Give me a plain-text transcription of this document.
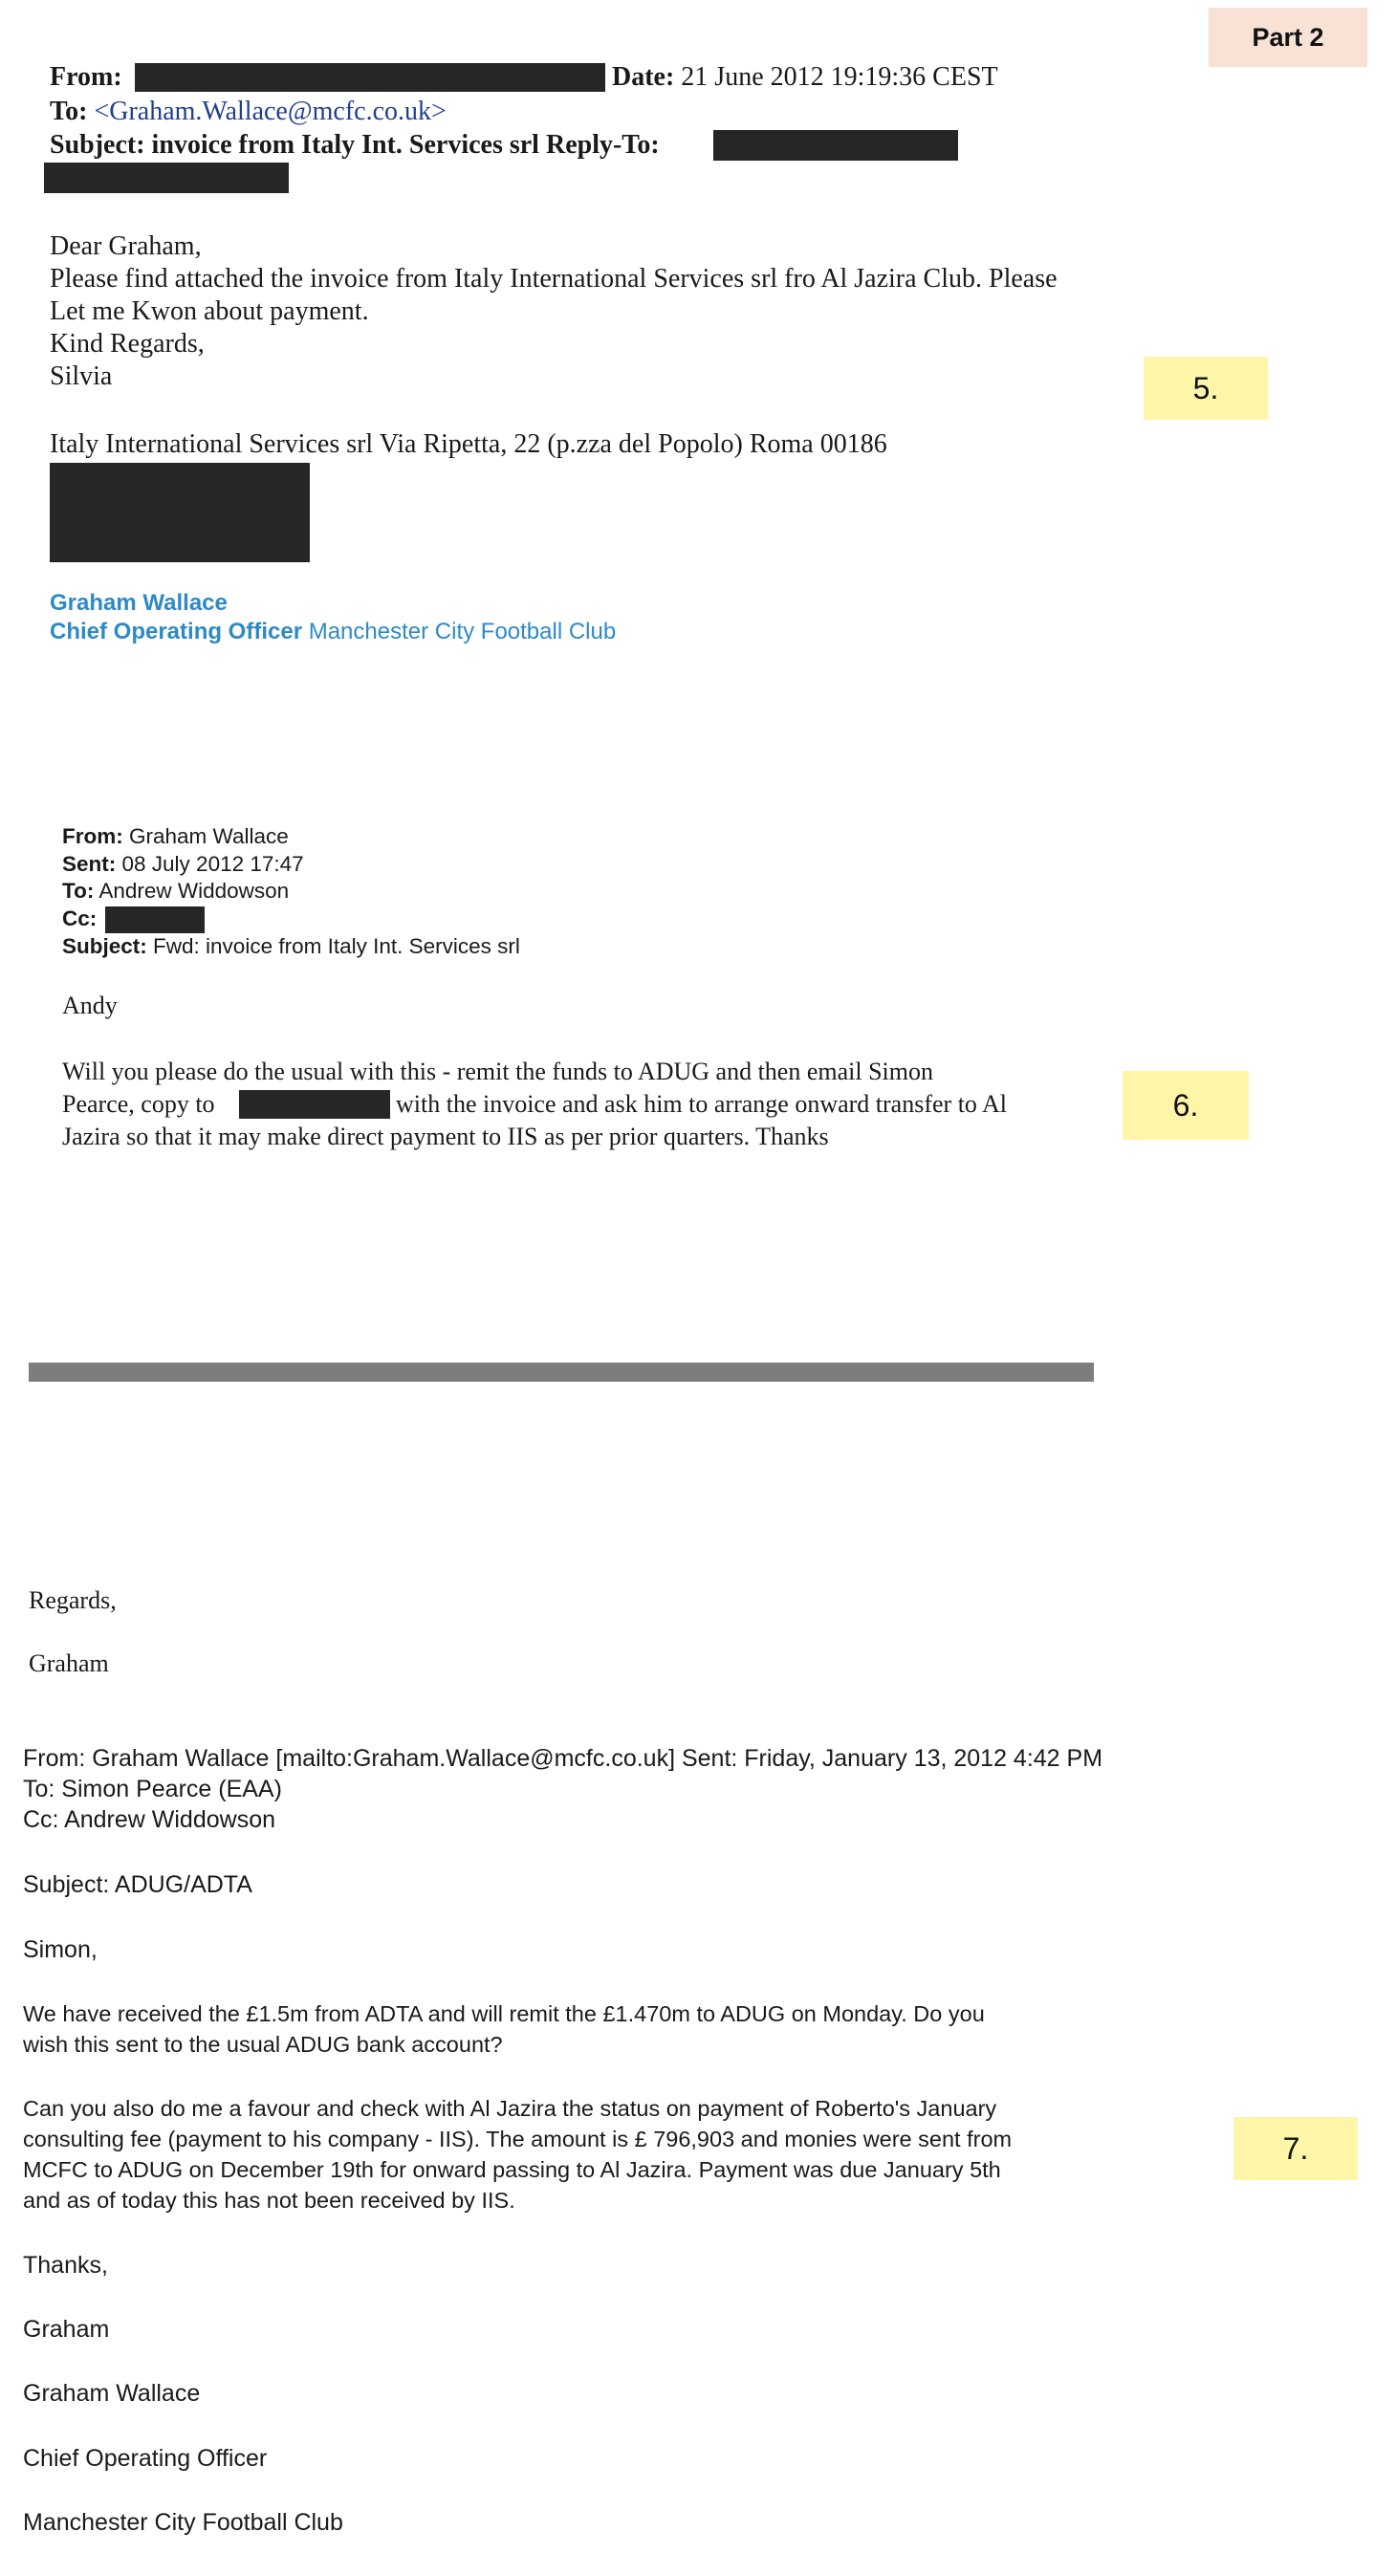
Part 2
From:	Date: 21 June 2012 19:19:36 CEST
To: <Graham.Wallace@mcfc.co.uk>
Subject: invoice from Italy Int. Services srl Reply-To:
Dear Graham,
Please find attached the invoice from Italy International Services srl fro Al Jazira Club. Please
Let me Kwon about payment.
Kind Regards,
Silvia	5.
Italy International Services srl Via Ripetta, 22 (p.zza del Popolo) Roma 00186
Graham Wallace
Chief Operating Officer Manchester City Football Club
From: Graham Wallace
Sent: 08 July 2012 17:47
To: Andrew Widdowson
Cc:
Subject: Fwd: invoice from Italy Int. Services srl
Andy
Will you please do the usual with this - remit the funds to ADUG and then email Simon
Pearce, copy to	with the invoice and ask him to arrange onward transfer to Al
Jazira so that it may make direct payment to IIS as per prior quarters. Thanks
6.
Regards,
Graham
From: Graham Wallace [mailto:Graham.Wallace@mcfc.co.uk] Sent: Friday, January 13, 2012 4:42 PM
To: Simon Pearce (EAA)
Cc: Andrew Widdowson
Subject: ADUG/ADTA
Simon,
We have received the £1.5m from ADTA and will remit the £1.470m to ADUG on Monday. Do you
wish this sent to the usual ADUG bank account?
Can you also do me a favour and check with Al Jazira the status on payment of Roberto's January
consulting fee (payment to his company - IIS). The amount is £ 796,903 and monies were sent from
MCFC to ADUG on December 19th for onward passing to Al Jazira. Payment was due January 5th
and as of today this has not been received by IIS.
7.
Thanks,
Graham
Graham Wallace
Chief Operating Officer
Manchester City Football Club
